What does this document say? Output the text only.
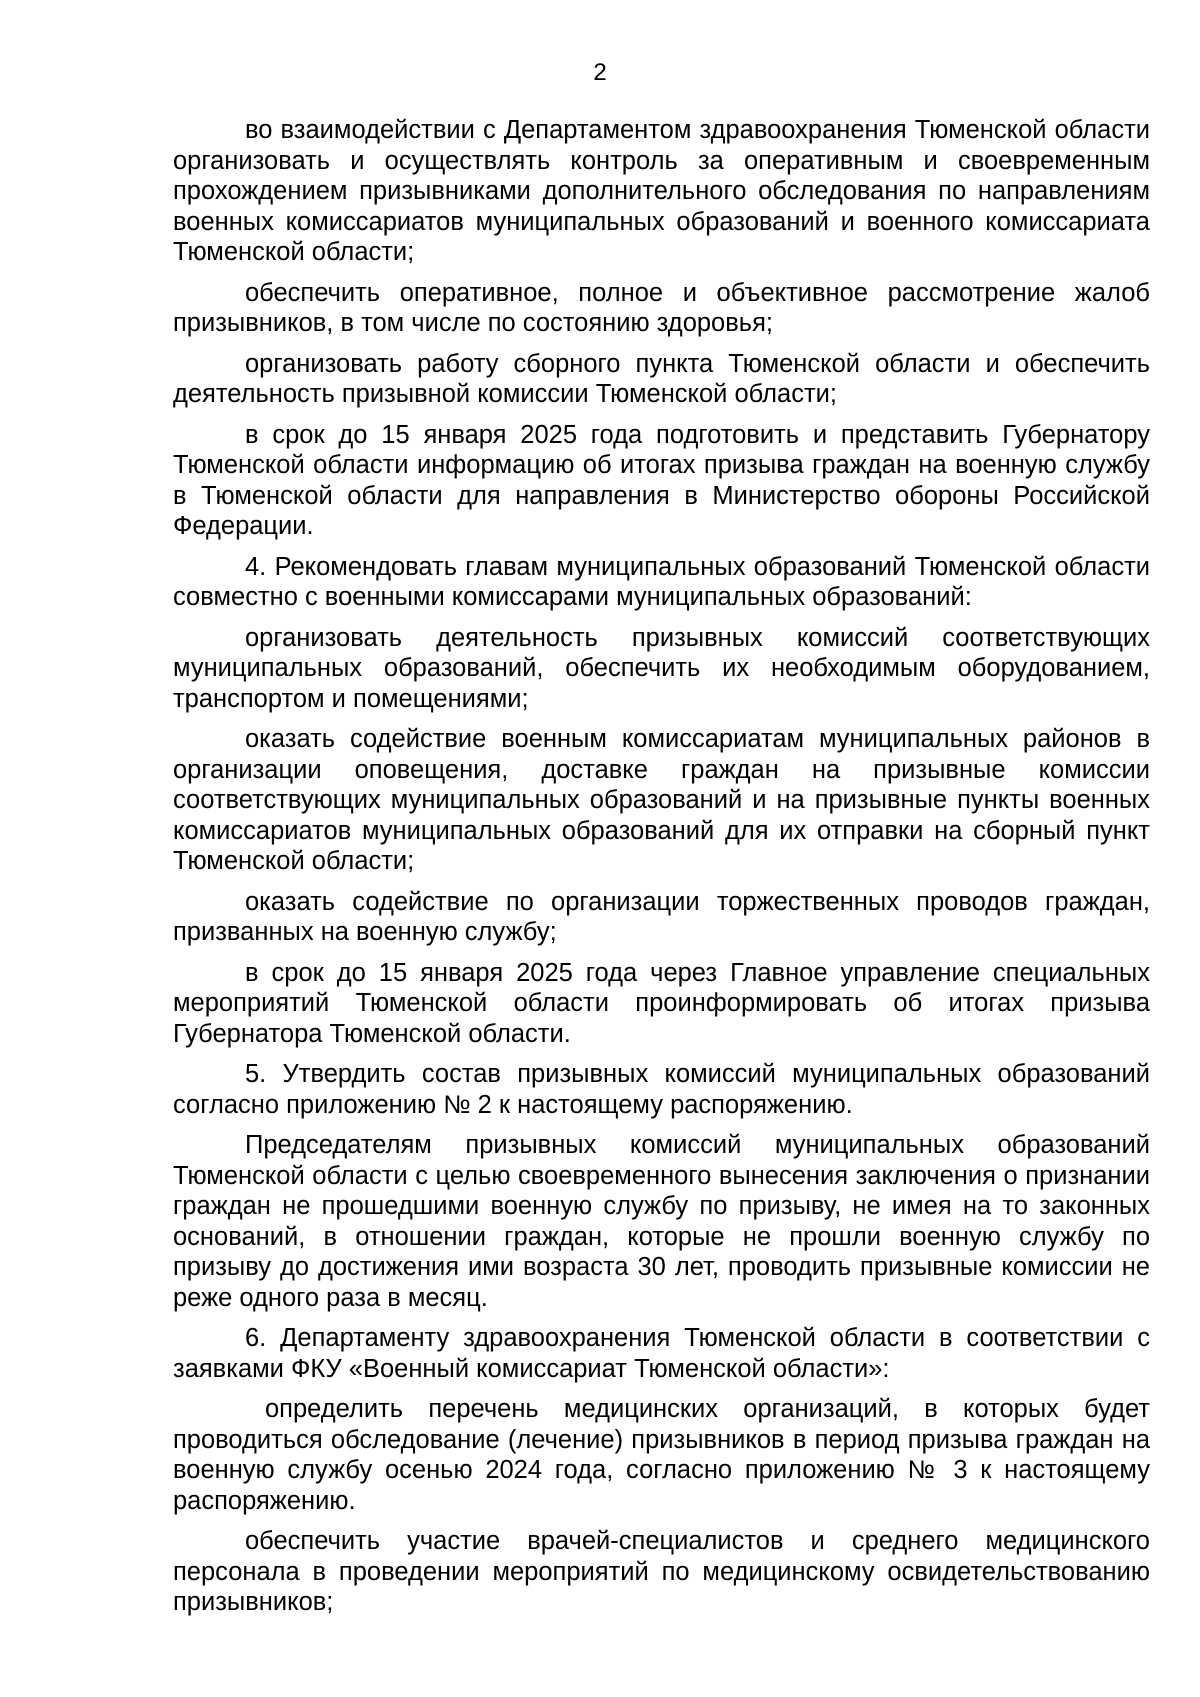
2

во взаимодействии с Департаментом здравоохранения Тюменской области организовать и осуществлять контроль за оперативным и своевременным прохождением призывниками дополнительного обследования по направлениям военных комиссариатов муниципальных образований и военного комиссариата Тюменской области;

обеспечить оперативное, полное и объективное рассмотрение жалоб призывников, в том числе по состоянию здоровья;

организовать работу сборного пункта Тюменской области и обеспечить деятельность призывной комиссии Тюменской области;

в срок до 15 января 2025 года подготовить и представить Губернатору Тюменской области информацию об итогах призыва граждан на военную службу в Тюменской области для направления в Министерство обороны Российской Федерации.

4. Рекомендовать главам муниципальных образований Тюменской области совместно с военными комиссарами муниципальных образований:

организовать деятельность призывных комиссий соответствующих муниципальных образований, обеспечить их необходимым оборудованием, транспортом и помещениями;

оказать содействие военным комиссариатам муниципальных районов в организации оповещения, доставке граждан на призывные комиссии соответствующих муниципальных образований и на призывные пункты военных комиссариатов муниципальных образований для их отправки на сборный пункт Тюменской области;

оказать содействие по организации торжественных проводов граждан, призванных на военную службу;

в срок до 15 января 2025 года через Главное управление специальных мероприятий Тюменской области проинформировать об итогах призыва Губернатора Тюменской области.

5. Утвердить состав призывных комиссий муниципальных образований согласно приложению № 2 к настоящему распоряжению.

Председателям призывных комиссий муниципальных образований Тюменской области с целью своевременного вынесения заключения о признании граждан не прошедшими военную службу по призыву, не имея на то законных оснований, в отношении граждан, которые не прошли военную службу по призыву до достижения ими возраста 30 лет, проводить призывные комиссии не реже одного раза в месяц.

6. Департаменту здравоохранения Тюменской области в соответствии с заявками ФКУ «Военный комиссариат Тюменской области»:

определить перечень медицинских организаций, в которых будет проводиться обследование (лечение) призывников в период призыва граждан на военную службу осенью 2024 года, согласно приложению № 3 к настоящему распоряжению.

обеспечить участие врачей-специалистов и среднего медицинского персонала в проведении мероприятий по медицинскому освидетельствованию призывников;
